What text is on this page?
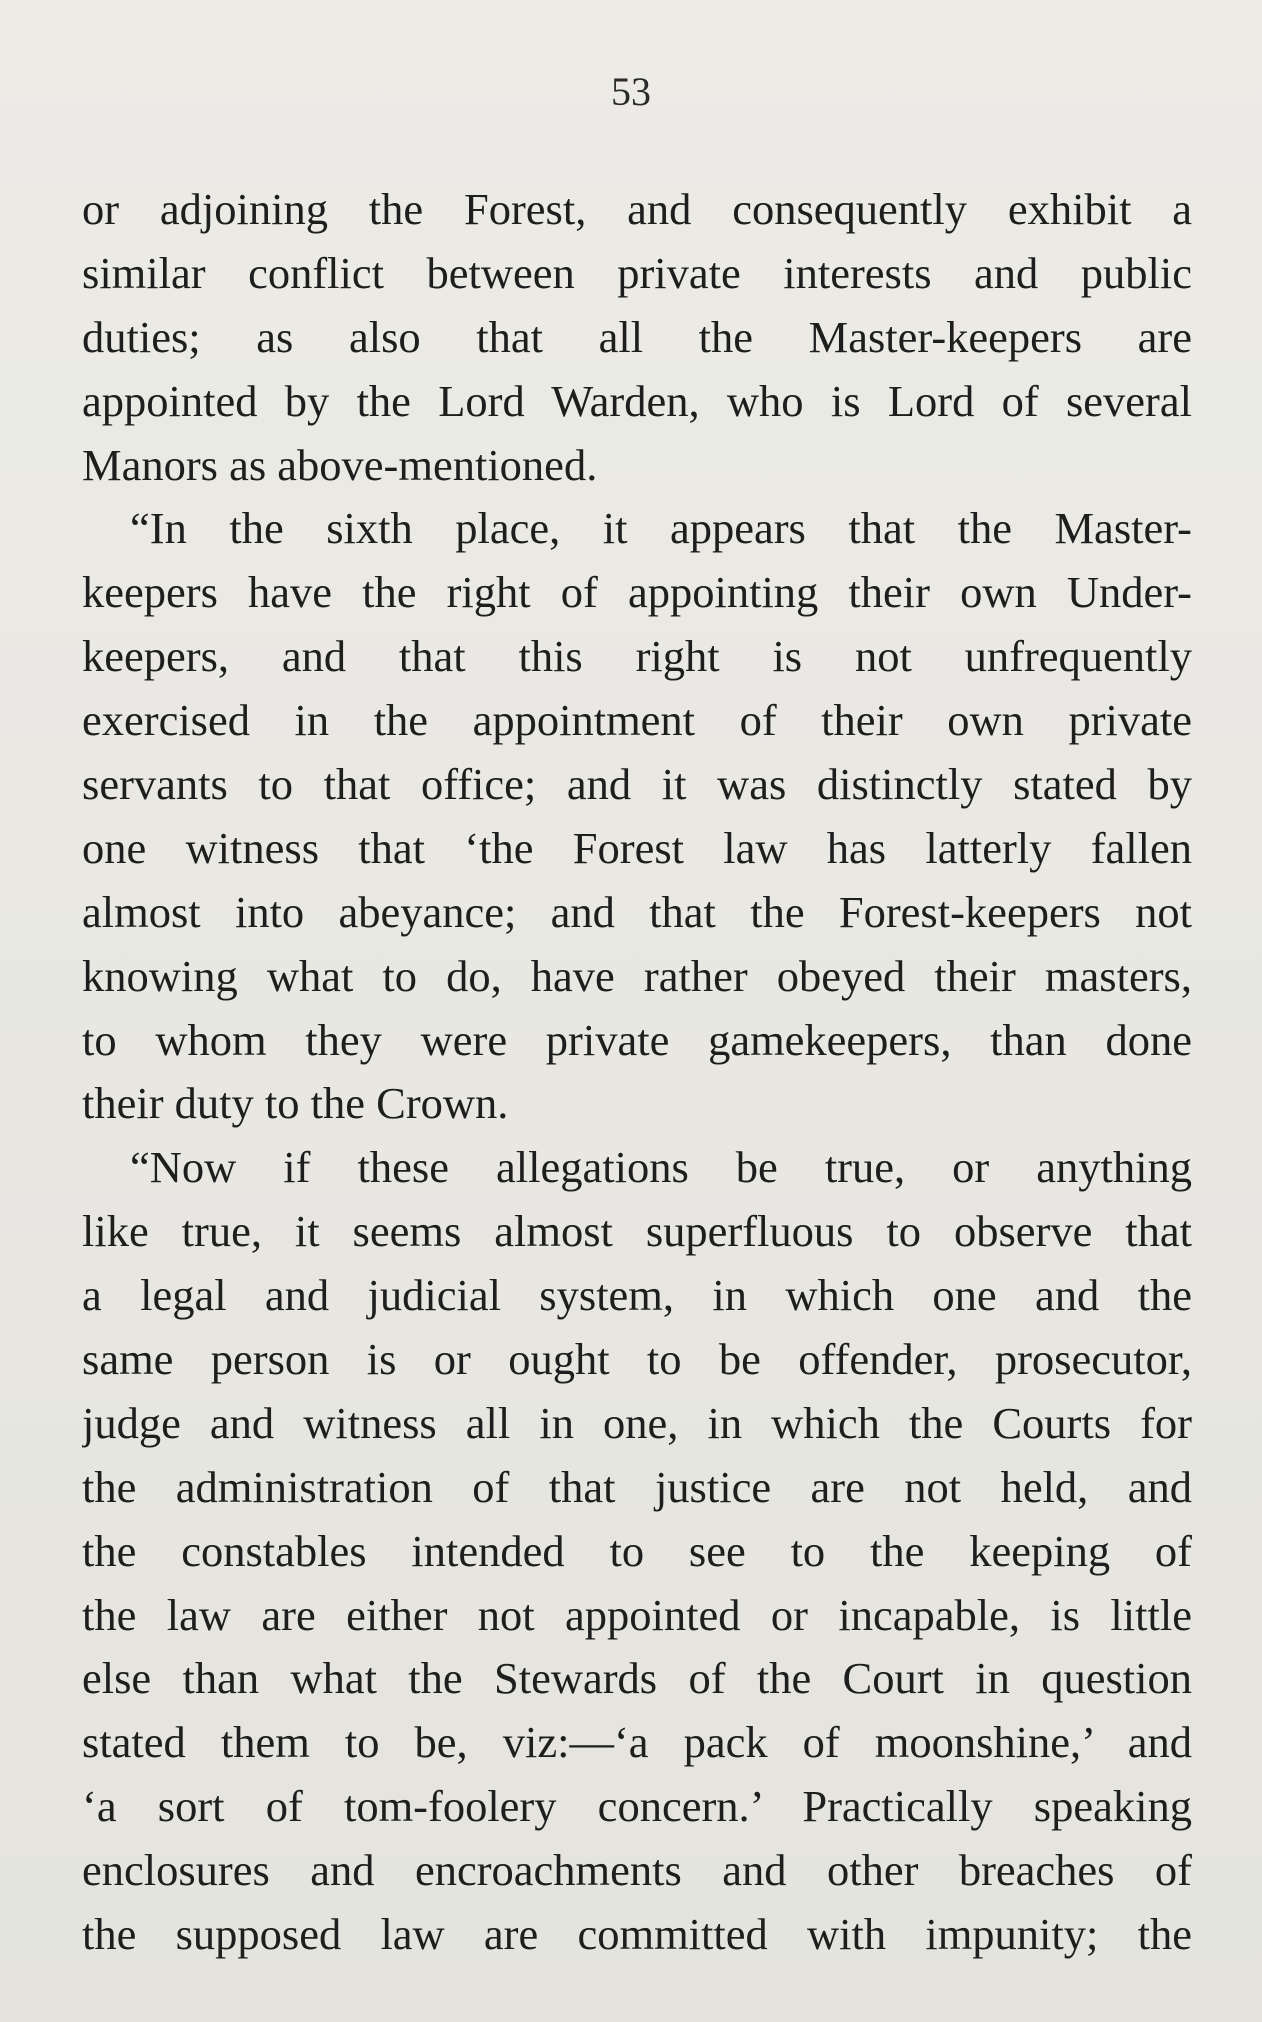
53
or adjoining the Forest, and consequently exhibit a
similar conflict between private interests and public
duties; as also that all the Master-keepers are
appointed by the Lord Warden, who is Lord of several
Manors as above-mentioned.
“In the sixth place, it appears that the Master-
keepers have the right of appointing their own Under-
keepers, and that this right is not unfrequently
exercised in the appointment of their own private
servants to that office; and it was distinctly stated by
one witness that ‘the Forest law has latterly fallen
almost into abeyance; and that the Forest-keepers not
knowing what to do, have rather obeyed their masters,
to whom they were private gamekeepers, than done
their duty to the Crown.
“Now if these allegations be true, or anything
like true, it seems almost superfluous to observe that
a legal and judicial system, in which one and the
same person is or ought to be offender, prosecutor,
judge and witness all in one, in which the Courts for
the administration of that justice are not held, and
the constables intended to see to the keeping of
the law are either not appointed or incapable, is little
else than what the Stewards of the Court in question
stated them to be, viz:—‘a pack of moonshine,’ and
‘a sort of tom-foolery concern.’ Practically speaking
enclosures and encroachments and other breaches of
the supposed law are committed with impunity; the
